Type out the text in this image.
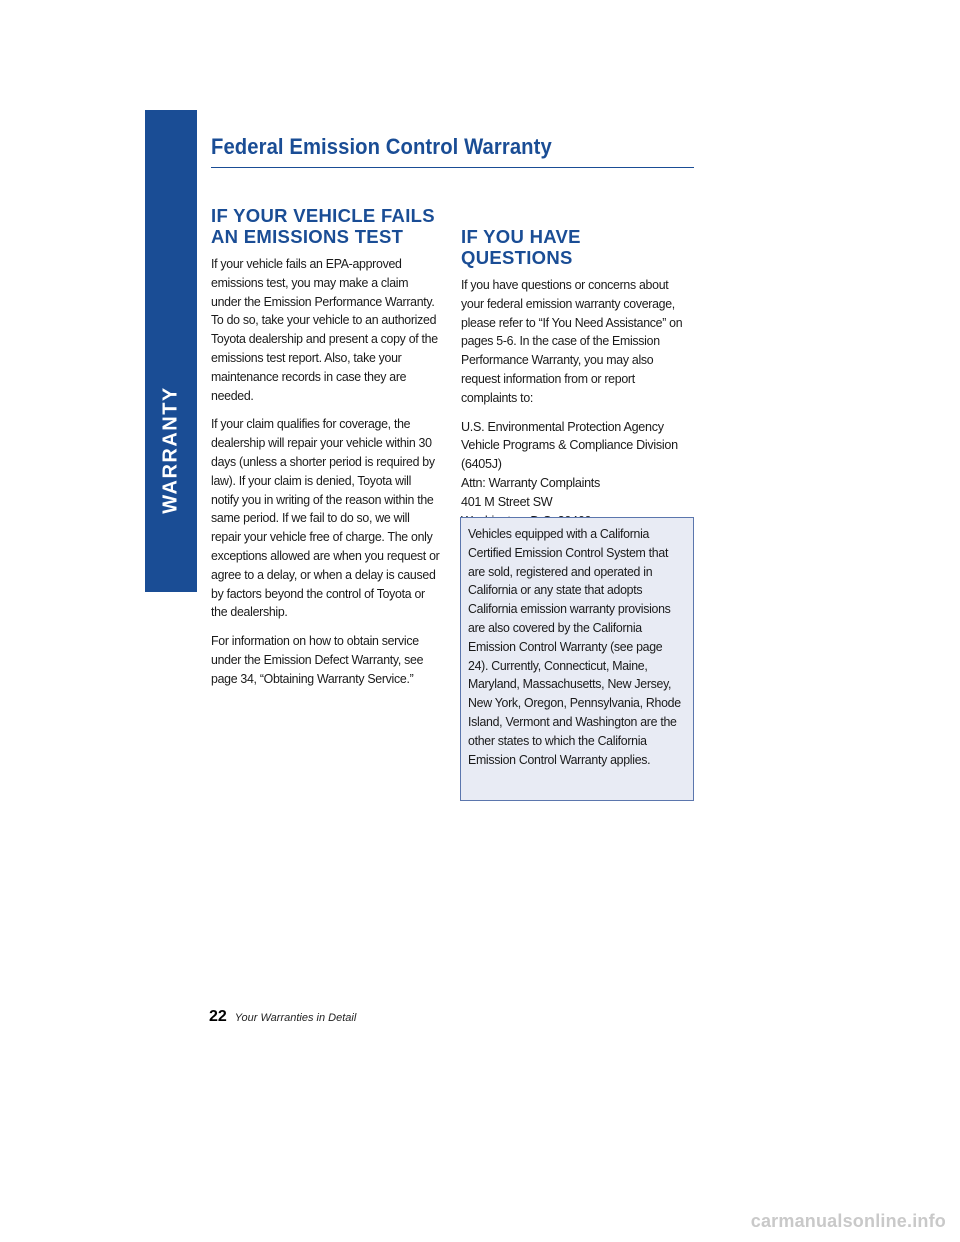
WARRANTY
Federal Emission Control Warranty
IF YOUR VEHICLE FAILS
AN EMISSIONS TEST

If your vehicle fails an EPA-approved emissions test, you may make a claim under the Emission Performance Warranty. To do so, take your vehicle to an authorized Toyota dealership and present a copy of the emissions test report. Also, take your maintenance records in case they are needed.

If your claim qualifies for coverage, the dealership will repair your vehicle within 30 days (unless a shorter period is required by law). If your claim is denied, Toyota will notify you in writing of the reason within the same period. If we fail to do so, we will repair your vehicle free of charge. The only exceptions allowed are when you request or agree to a delay, or when a delay is caused by factors beyond the control of Toyota or the dealership.

For information on how to obtain service under the Emission Defect Warranty, see page 34, “Obtaining Warranty Service.”

IF YOU HAVE QUESTIONS

If you have questions or concerns about your federal emission warranty coverage, please refer to “If You Need Assistance” on pages 5-6. In the case of the Emission Performance Warranty, you may also request information from or report complaints to:

U.S. Environmental Protection Agency
Vehicle Programs & Compliance Division
(6405J)
Attn: Warranty Complaints
401 M Street SW

Vehicles equipped with a California Certified Emission Control System that are sold, registered and operated in California or any state that adopts California emission warranty provisions are also covered by the California Emission Control Warranty (see page 24). Currently, Connecticut, Maine, Maryland, Massachusetts, New Jersey, New York, Oregon, Pennsylvania, Rhode Island, Vermont and Washington are the other states to which the California Emission Control Warranty applies.

22 Your Warranties in Detail
carmanualsonline.info
